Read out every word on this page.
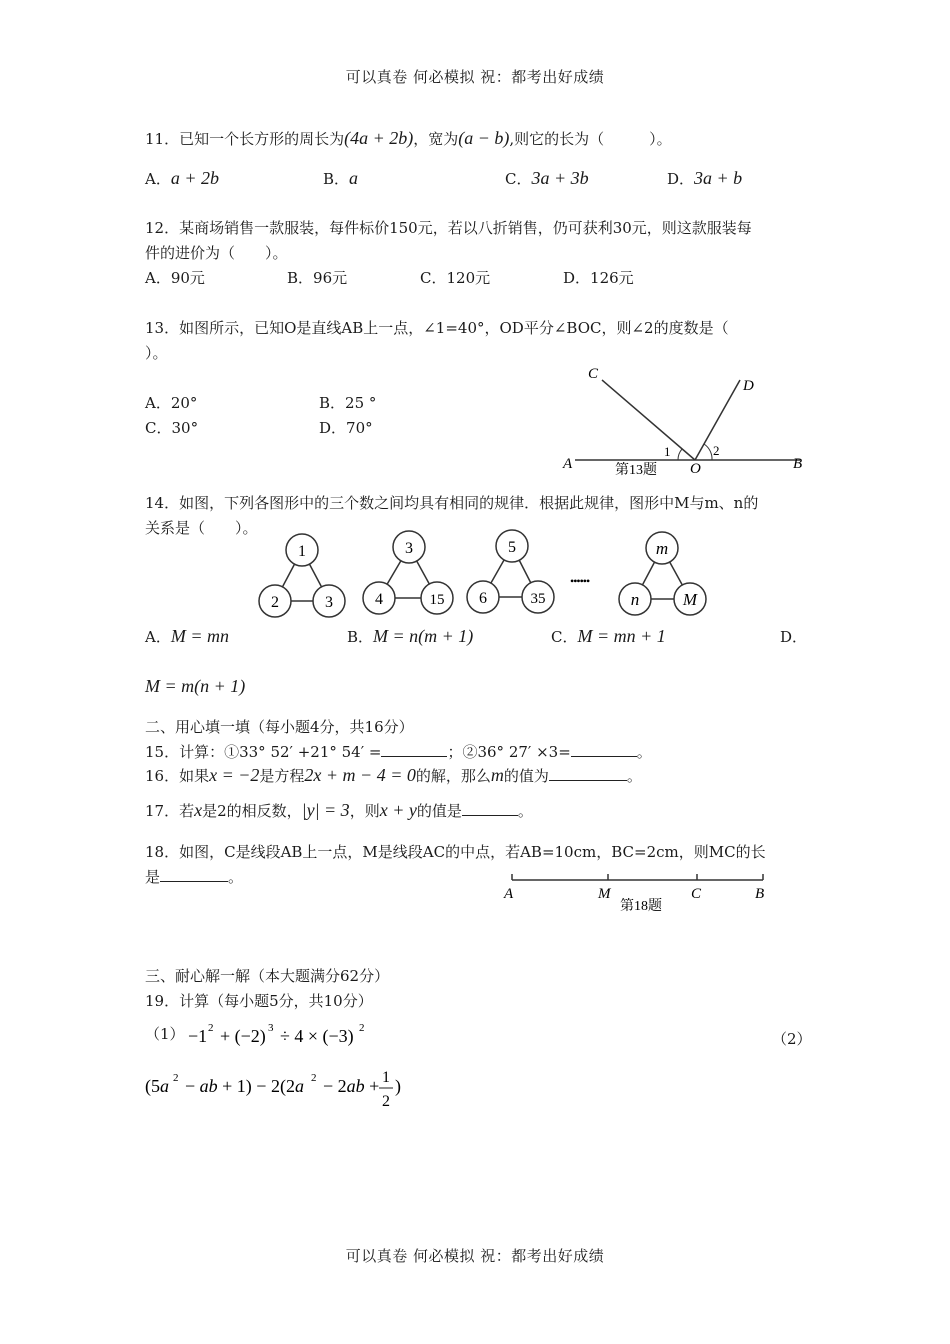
可以真卷 何必模拟 祝：都考出好成绩
11．已知一个长方形的周长为(4a + 2b)，宽为(a − b),则它的长为（　　　）。
A．a + 2b	B．a	C．3a + 3b	D．3a + b
12．某商场销售一款服装，每件标价150元，若以八折销售，仍可获利30元，则这款服装每
件的进价为（　　）。
A．90元	B．96元	C．120元	D．126元
13．如图所示，已知O是直线AB上一点，∠1=40°，OD平分∠BOC，则∠2的度数是（
）。
A．20°	B．25 °
C．30°	D．70°
A	B
C
D
O
1	2
第13题
14．如图，下列各图形中的三个数之间均具有相同的规律．根据此规律，图形中M与m、n的
关系是（　　）。
1
2	3
3
4	15
5
6	35
••••••
m
n	M
A．M = mn	B．M = n(m + 1)	C．M = mn + 1	D．
M = m(n + 1)
二、用心填一填（每小题4分，共16分）
15．计算：①33° 52′ +21° 54′ =	；②36° 27′ ×3=	。
16．如果x = −2是方程2x + m − 4 = 0的解，那么m的值为	。
17．若x是2的相反数，|y| = 3，则x + y的值是	。
18．如图，C是线段AB上一点，M是线段AC的中点，若AB=10cm，BC=2cm，则MC的长
是	。
A	M	C	B
第18题
三、耐心解一解（本大题满分62分）
19．计算（每小题5分，共10分）
（1） −1 2 + (−2) 3 ÷ 4 × (−3) 2
（2）
(5a 2 − ab + 1) − 2(2a 2 − 2ab + 1
2
)
可以真卷 何必模拟 祝：都考出好成绩
